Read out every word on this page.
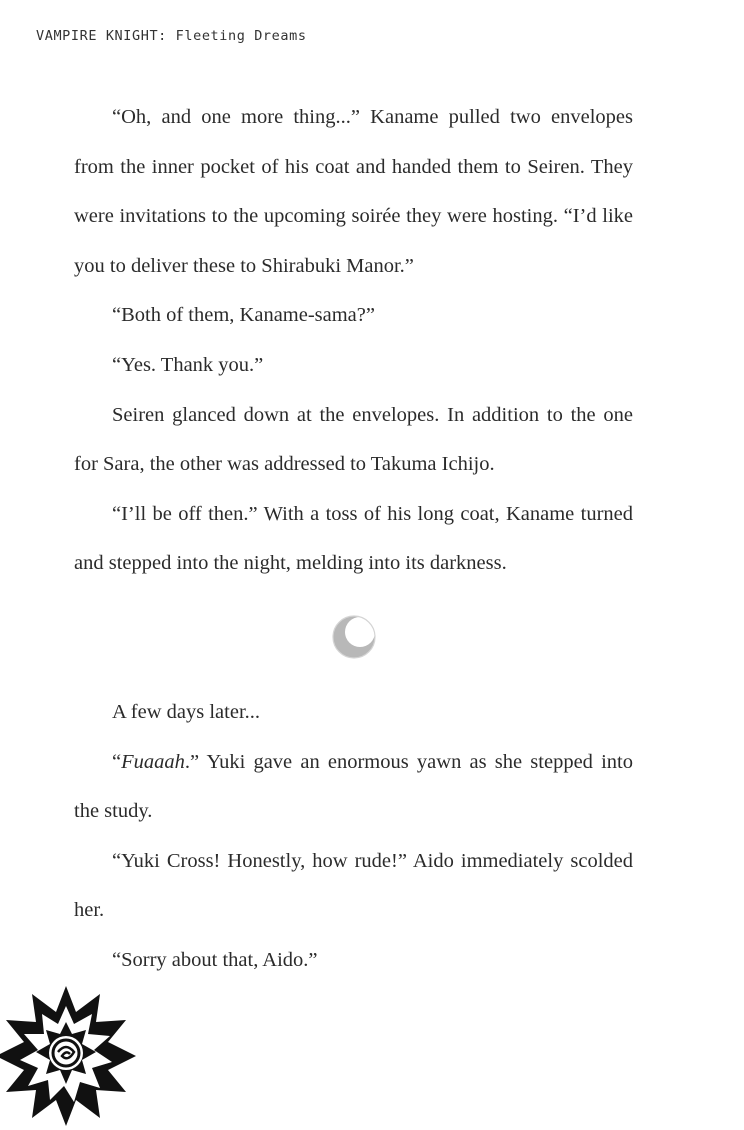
VAMPIRE KNIGHT: Fleeting Dreams

“Oh, and one more thing...” Kaname pulled two envelopes from the inner pocket of his coat and handed them to Seiren. They were invitations to the upcoming soirée they were hosting. “I’d like you to deliver these to Shirabuki Manor.”

“Both of them, Kaname-sama?”

“Yes. Thank you.”

Seiren glanced down at the envelopes. In addition to the one for Sara, the other was addressed to Takuma Ichijo.

“I’ll be off then.” With a toss of his long coat, Kaname turned and stepped into the night, melding into its darkness.

A few days later...

“Fuaaah.” Yuki gave an enormous yawn as she stepped into the study.

“Yuki Cross! Honestly, how rude!” Aido immediately scolded her.

“Sorry about that, Aido.”
